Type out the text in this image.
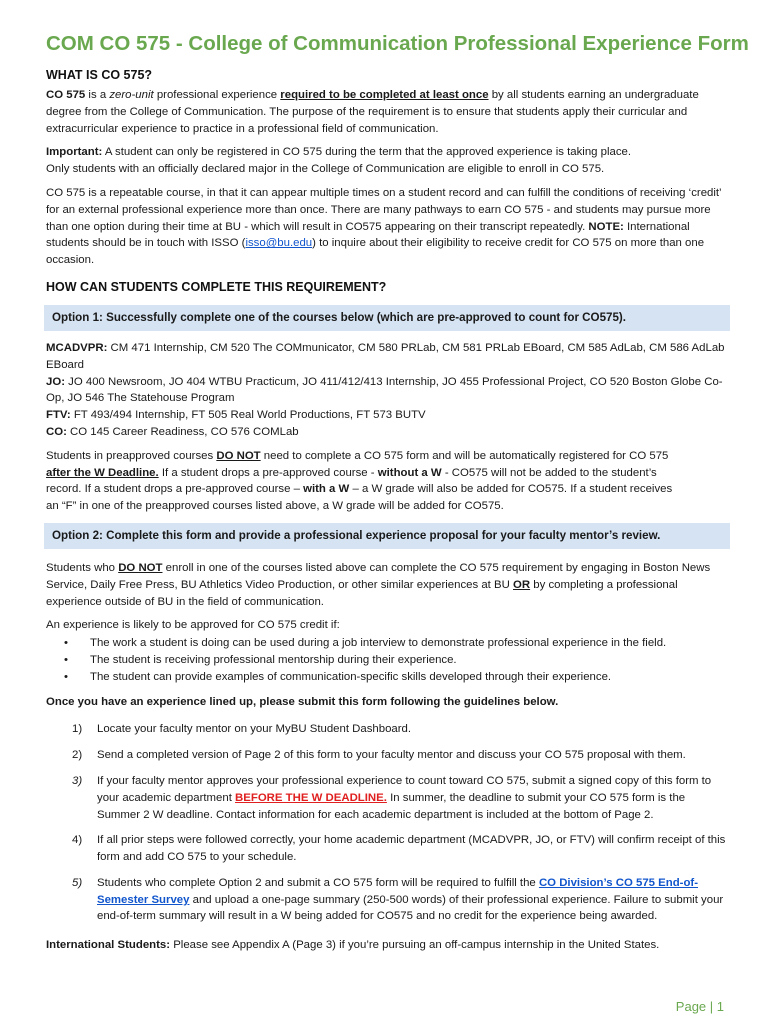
COM CO 575 - College of Communication Professional Experience Form
WHAT IS CO 575?

CO 575 is a zero-unit professional experience required to be completed at least once by all students earning an undergraduate degree from the College of Communication. The purpose of the requirement is to ensure that students apply their curricular and extracurricular experience to practice in a professional field of communication.

Important: A student can only be registered in CO 575 during the term that the approved experience is taking place.
Only students with an officially declared major in the College of Communication are eligible to enroll in CO 575.

CO 575 is a repeatable course, in that it can appear multiple times on a student record and can fulfill the conditions of receiving ‘credit’ for an external professional experience more than once. There are many pathways to earn CO 575 - and students may pursue more than one option during their time at BU - which will result in CO575 appearing on their transcript repeatedly. NOTE: International students should be in touch with ISSO (isso@bu.edu) to inquire about their eligibility to receive credit for CO 575 on more than one occasion.

HOW CAN STUDENTS COMPLETE THIS REQUIREMENT?
Option 1: Successfully complete one of the courses below (which are pre-approved to count for CO575).

MCADVPR: CM 471 Internship, CM 520 The COMmunicator, CM 580 PRLab, CM 581 PRLab EBoard, CM 585 AdLab, CM 586 AdLab EBoard

JO: JO 400 Newsroom, JO 404 WTBU Practicum, JO 411/412/413 Internship, JO 455 Professional Project, CO 520 Boston Globe Co-Op, JO 546 The Statehouse Program

FTV: FT 493/494 Internship, FT 505 Real World Productions, FT 573 BUTV

CO: CO 145 Career Readiness, CO 576 COMLab

Students in preapproved courses DO NOT need to complete a CO 575 form and will be automatically registered for CO 575 after the W Deadline. If a student drops a pre-approved course - without a W - CO575 will not be added to the student’s record. If a student drops a pre-approved course – with a W – a W grade will also be added for CO575. If a student receives an “F” in one of the preapproved courses listed above, a W grade will be added for CO575.

Option 2: Complete this form and provide a professional experience proposal for your faculty mentor’s review.

Students who DO NOT enroll in one of the courses listed above can complete the CO 575 requirement by engaging in Boston News Service, Daily Free Press, BU Athletics Video Production, or other similar experiences at BU OR by completing a professional experience outside of BU in the field of communication.

An experience is likely to be approved for CO 575 credit if:

• The work a student is doing can be used during a job interview to demonstrate professional experience in the field.
• The student is receiving professional mentorship during their experience.
• The student can provide examples of communication-specific skills developed through their experience.

Once you have an experience lined up, please submit this form following the guidelines below.

1) Locate your faculty mentor on your MyBU Student Dashboard.
2) Send a completed version of Page 2 of this form to your faculty mentor and discuss your CO 575 proposal with them.
3) If your faculty mentor approves your professional experience to count toward CO 575, submit a signed copy of this form to your academic department BEFORE THE W DEADLINE. In summer, the deadline to submit your CO 575 form is the Summer 2 W deadline. Contact information for each academic department is included at the bottom of Page 2.
4) If all prior steps were followed correctly, your home academic department (MCADVPR, JO, or FTV) will confirm receipt of this form and add CO 575 to your schedule.
5) Students who complete Option 2 and submit a CO 575 form will be required to fulfill the CO Division’s CO 575 End-of-Semester Survey and upload a one-page summary (250-500 words) of their professional experience. Failure to submit your end-of-term summary will result in a W being added for CO575 and no credit for the experience being awarded.

International Students: Please see Appendix A (Page 3) if you’re pursuing an off-campus internship in the United States.

Page | 1
